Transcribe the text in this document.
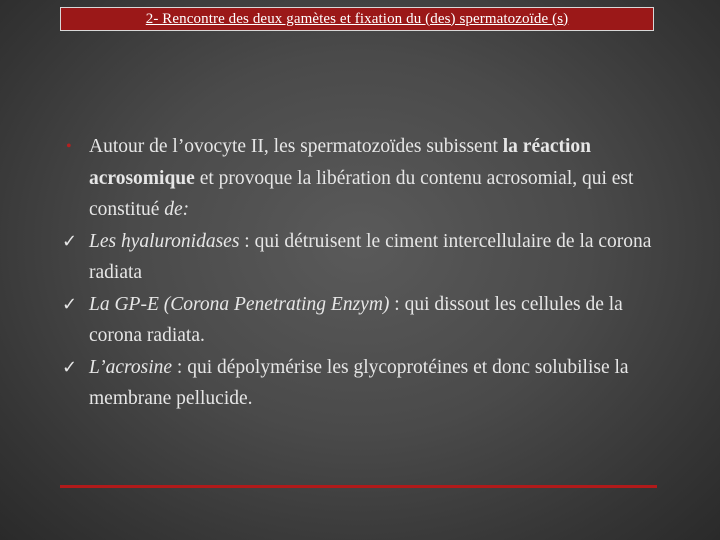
2- Rencontre des deux gamètes et fixation du (des) spermatozoïde (s)
• Autour de l’ovocyte II, les spermatozoïdes subissent la réaction acrosomique et provoque la libération du contenu acrosomial, qui est constitué de:
✓ Les hyaluronidases : qui détruisent le ciment intercellulaire de la corona radiata
✓ La GP-E (Corona Penetrating Enzym) : qui dissout les cellules de la corona radiata.
✓ L’acrosine : qui dépolymérise les glycoprotéines et donc solubilise la membrane pellucide.
